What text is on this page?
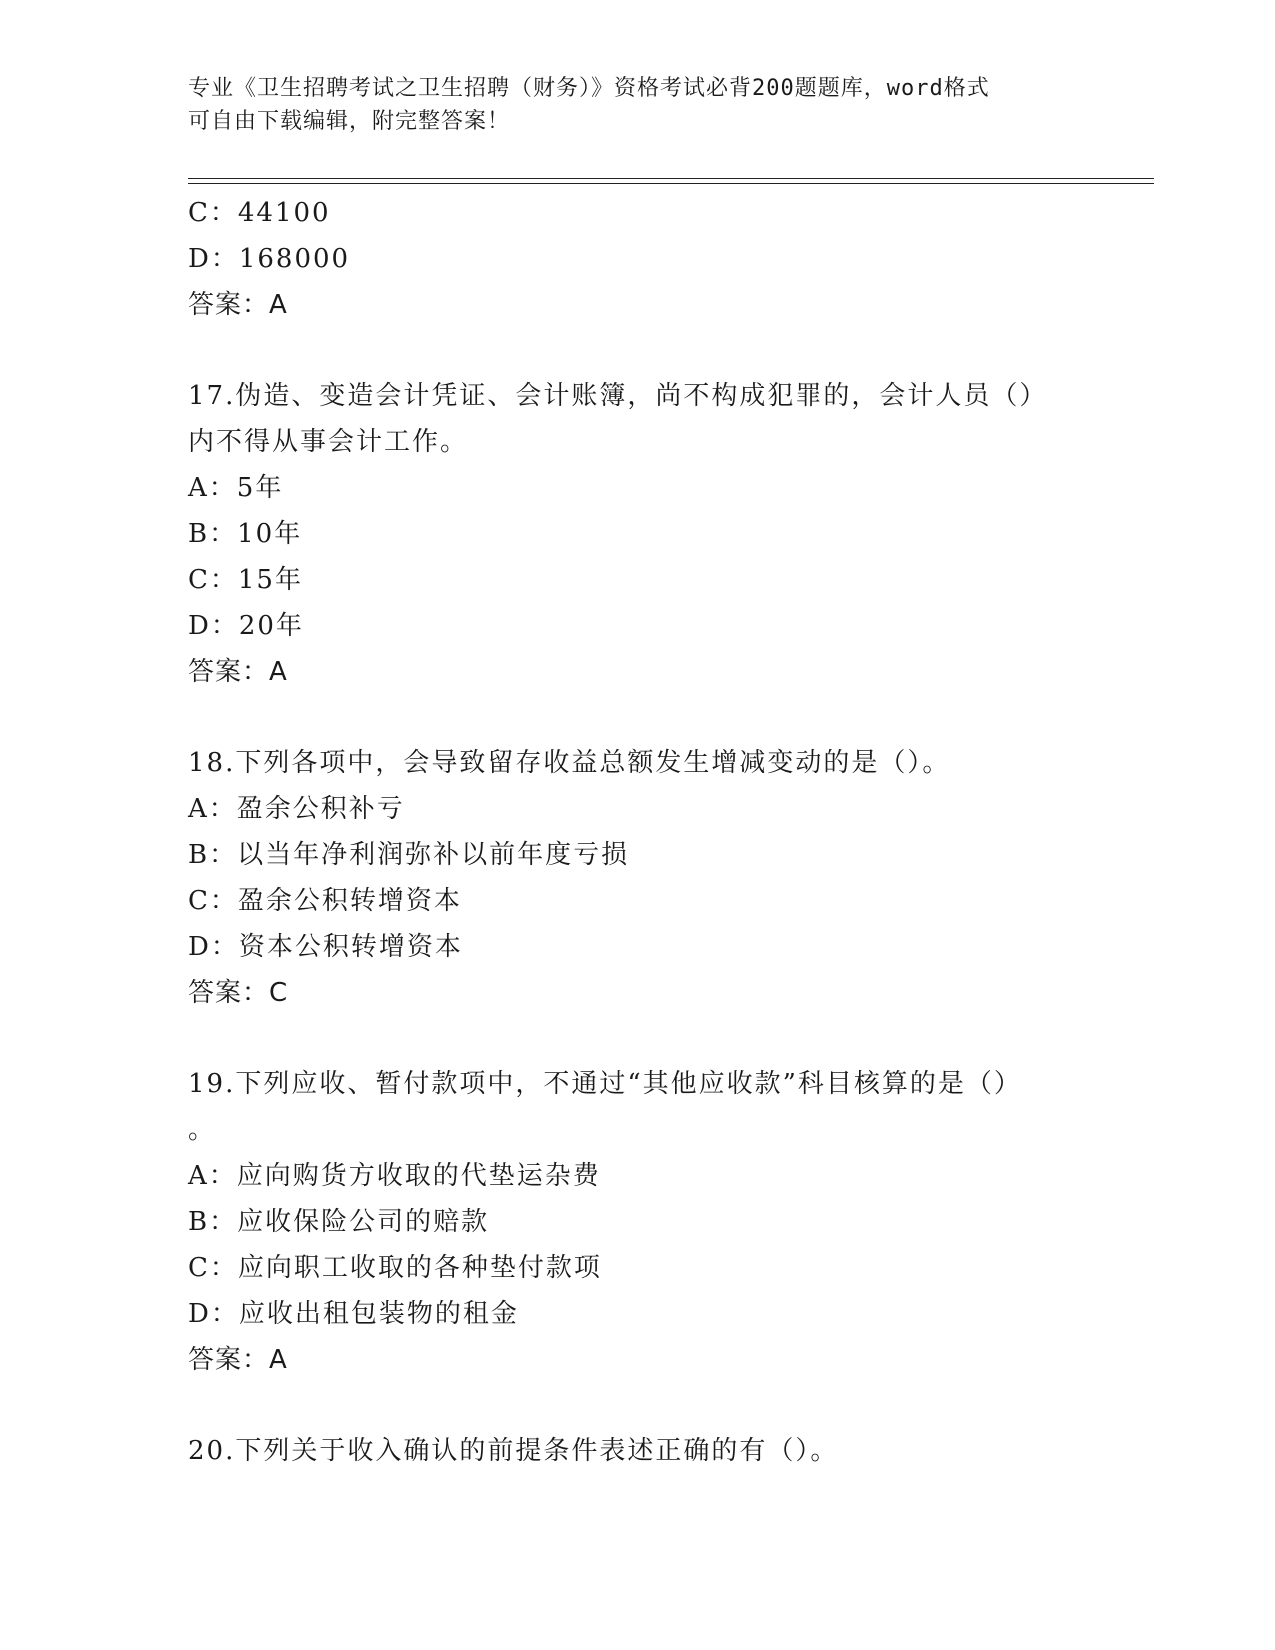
专业《卫生招聘考试之卫生招聘（财务）》资格考试必背200题题库，word格式
可自由下载编辑，附完整答案！
C：44100
D：168000
答案：A
17.伪造、变造会计凭证、会计账簿，尚不构成犯罪的，会计人员（）
内不得从事会计工作。
A：5年
B：10年
C：15年
D：20年
答案：A
18.下列各项中，会导致留存收益总额发生增减变动的是（）。
A：盈余公积补亏
B：以当年净利润弥补以前年度亏损
C：盈余公积转增资本
D：资本公积转增资本
答案：C
19.下列应收、暂付款项中，不通过“其他应收款”科目核算的是（）
。
A：应向购货方收取的代垫运杂费
B：应收保险公司的赔款
C：应向职工收取的各种垫付款项
D：应收出租包装物的租金
答案：A
20.下列关于收入确认的前提条件表述正确的有（）。
